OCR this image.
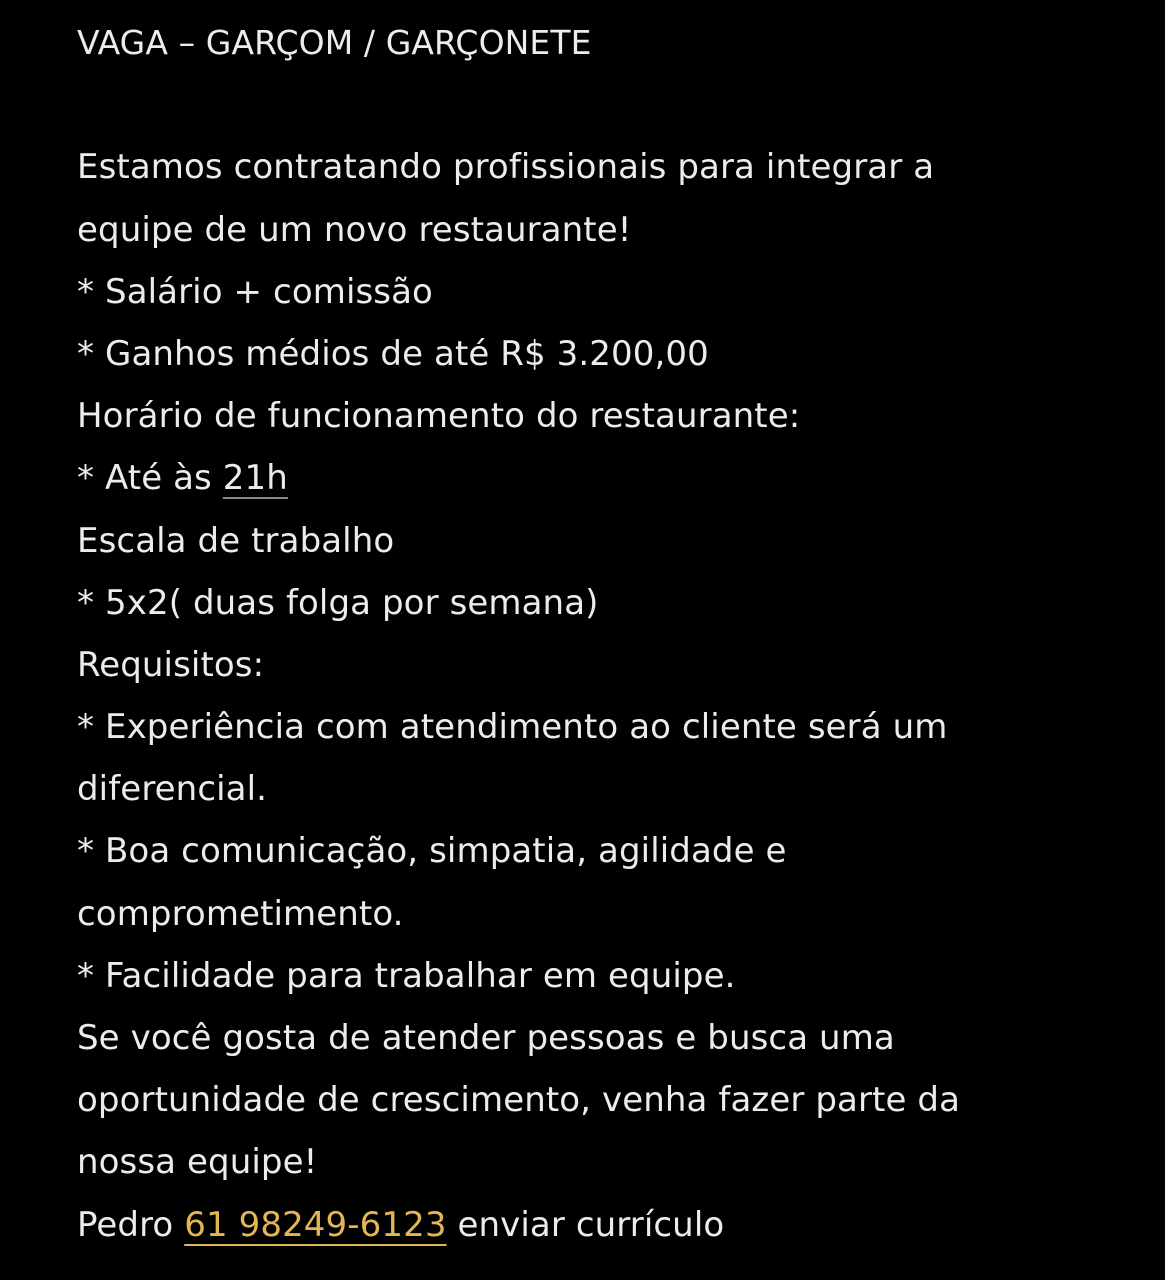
VAGA – GARÇOM / GARÇONETE
Estamos contratando profissionais para integrar a
equipe de um novo restaurante!
* Salário + comissão
* Ganhos médios de até R$ 3.200,00
Horário de funcionamento do restaurante:
* Até às 21h
Escala de trabalho
* 5x2( duas folga por semana)
Requisitos:
* Experiência com atendimento ao cliente será um
diferencial.
* Boa comunicação, simpatia, agilidade e
comprometimento.
* Facilidade para trabalhar em equipe.
Se você gosta de atender pessoas e busca uma
oportunidade de crescimento, venha fazer parte da
nossa equipe!
Pedro 61 98249-6123 enviar currículo
